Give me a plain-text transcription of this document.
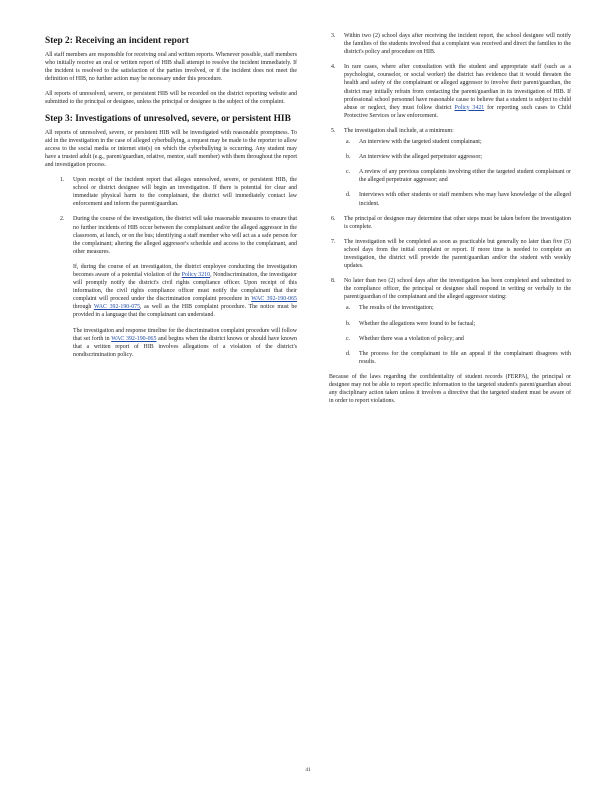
Step 2: Receiving an incident report

All staff members are responsible for receiving oral and written reports. Whenever possible, staff members who initially receive an oral or written report of HIB shall attempt to resolve the incident immediately. If the incident is resolved to the satisfaction of the parties involved, or if the incident does not meet the definition of HIB, no further action may be necessary under this procedure.

All reports of unresolved, severe, or persistent HIB will be recorded on the district reporting website and submitted to the principal or designee, unless the principal or designee is the subject of the complaint.

Step 3: Investigations of unresolved, severe, or persistent HIB

All reports of unresolved, severe, or persistent HIB will be investigated with reasonable promptness. To aid in the investigation in the case of alleged cyberbullying, a request may be made to the reporter to allow access to the social media or internet site(s) on which the cyberbullying is occurring. Any student may have a trusted adult (e.g., parent/guardian, relative, mentor, staff member) with them throughout the report and investigation process.

1. Upon receipt of the incident report that alleges unresolved, severe, or persistent HIB, the school or district designee will begin an investigation. If there is potential for clear and immediate physical harm to the complainant, the district will immediately contact law enforcement and inform the parent/guardian.
2. During the course of the investigation, the district will take reasonable measures to ensure that no further incidents of HIB occur between the complainant and/or the alleged aggressor in the classroom, at lunch, or on the bus; identifying a staff member who will act as a safe person for the complainant; altering the alleged aggressor's schedule and access to the complainant, and other measures.

If, during the course of an investigation, the district employee conducting the investigation becomes aware of a potential violation of the Policy 3210, Nondiscrimination, the investigator will promptly notify the district's civil rights compliance officer. Upon receipt of this information, the civil rights compliance officer must notify the complainant that their complaint will proceed under the discrimination complaint procedure in WAC 392-190-065 through WAC 392-190-075, as well as the HIB complaint procedure. The notice must be provided in a language that the complainant can understand.

The investigation and response timeline for the discrimination complaint procedure will follow that set forth in WAC 392-190-065 and begins when the district knows or should have known that a written report of HIB involves allegations of a violation of the district's nondiscrimination policy.

3. Within two (2) school days after receiving the incident report, the school designee will notify the families of the students involved that a complaint was received and direct the families to the district's policy and procedure on HIB.
4. In rare cases, where after consultation with the student and appropriate staff (such as a psychologist, counselor, or social worker) the district has evidence that it would threaten the health and safety of the complainant or alleged aggressor to involve their parent/guardian, the district may initially refrain from contacting the parent/guardian in its investigation of HIB. If professional school personnel have reasonable cause to believe that a student is subject to child abuse or neglect, they must follow district Policy 3421 for reporting such cases to Child Protective Services or law enforcement.
5. The investigation shall include, at a minimum:
a. An interview with the targeted student complainant;
b. An interview with the alleged perpetrator aggressor;
c. A review of any previous complaints involving either the targeted student complainant or the alleged perpetrator aggressor; and
d. Interviews with other students or staff members who may have knowledge of the alleged incident.
6. The principal or designee may determine that other steps must be taken before the investigation is complete.
7. The investigation will be completed as soon as practicable but generally no later than five (5) school days from the initial complaint or report. If more time is needed to complete an investigation, the district will provide the parent/guardian and/or the student with weekly updates.
8. No later than two (2) school days after the investigation has been completed and submitted to the compliance officer, the principal or designee shall respond in writing or verbally to the parent/guardian of the complainant and the alleged aggressor stating:
a. The results of the investigation;
b. Whether the allegations were found to be factual;
c. Whether there was a violation of policy; and
d. The process for the complainant to file an appeal if the complainant disagrees with results.

Because of the laws regarding the confidentiality of student records (FERPA), the principal or designee may not be able to report specific information to the targeted student's parent/guardian about any disciplinary action taken unless it involves a directive that the targeted student must be aware of in order to report violations.

41
